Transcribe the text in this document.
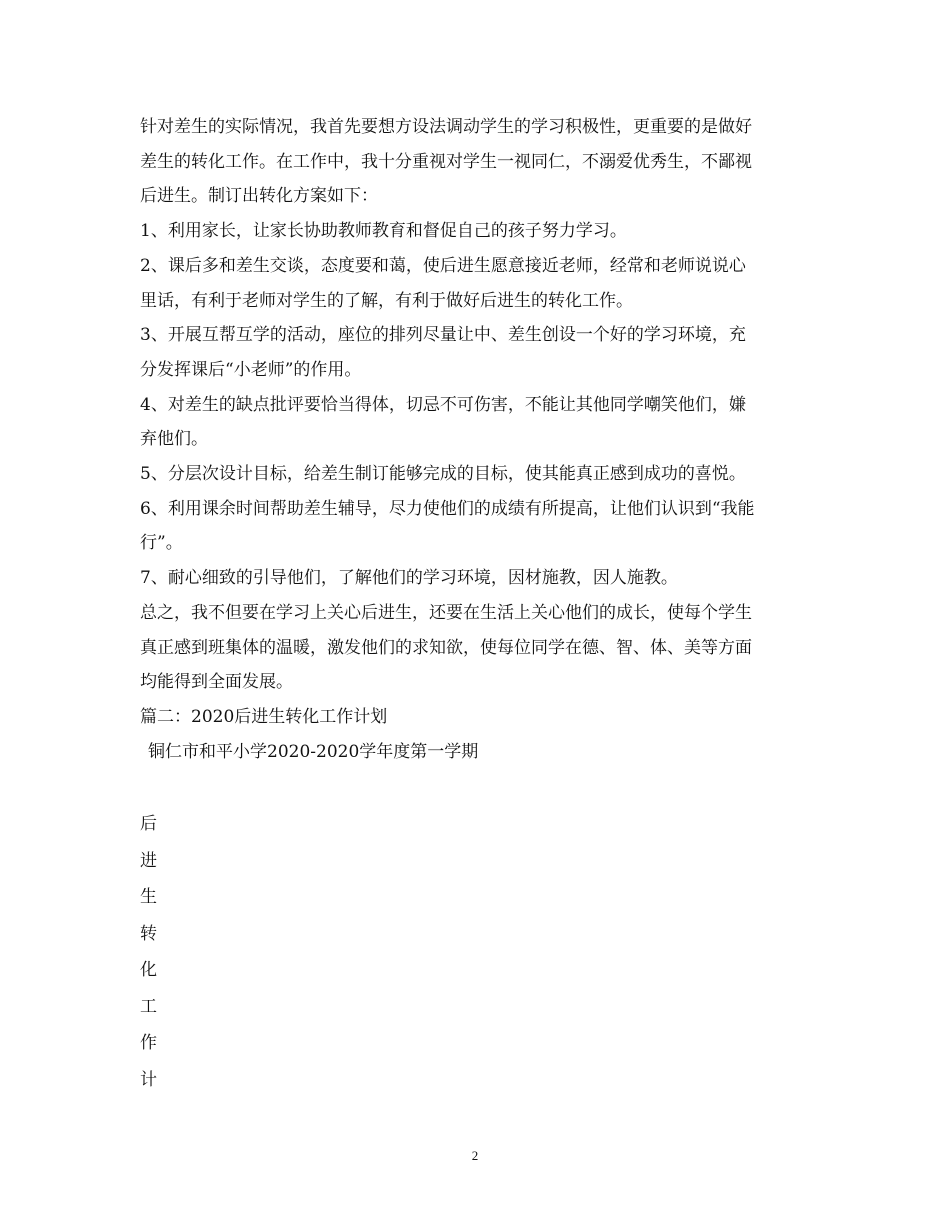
针对差生的实际情况，我首先要想方设法调动学生的学习积极性，更重要的是做好

差生的转化工作。在工作中，我十分重视对学生一视同仁，不溺爱优秀生，不鄙视

后进生。制订出转化方案如下：

1、利用家长，让家长协助教师教育和督促自己的孩子努力学习。

2、课后多和差生交谈，态度要和蔼，使后进生愿意接近老师，经常和老师说说心

里话，有利于老师对学生的了解，有利于做好后进生的转化工作。

3、开展互帮互学的活动，座位的排列尽量让中、差生创设一个好的学习环境，充

分发挥课后“小老师”的作用。

4、对差生的缺点批评要恰当得体，切忌不可伤害，不能让其他同学嘲笑他们，嫌

弃他们。

5、分层次设计目标，给差生制订能够完成的目标，使其能真正感到成功的喜悦。

6、利用课余时间帮助差生辅导，尽力使他们的成绩有所提高，让他们认识到“我能

行”。

7、耐心细致的引导他们，了解他们的学习环境，因材施教，因人施教。

总之，我不但要在学习上关心后进生，还要在生活上关心他们的成长，使每个学生

真正感到班集体的温暖，激发他们的求知欲，使每位同学在德、智、体、美等方面

均能得到全面发展。

篇二：2020后进生转化工作计划

铜仁市和平小学2020-2020学年度第一学期

后
进
生
转
化
工
作
计
2
